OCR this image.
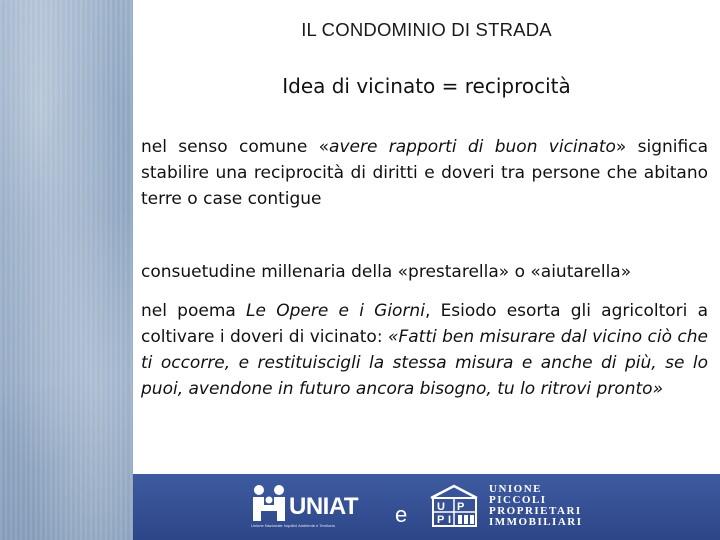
IL CONDOMINIO DI STRADA
Idea di vicinato = reciprocità
nel senso comune «avere rapporti di buon vicinato» significa stabilire una reciprocità di diritti e doveri tra persone che abitano terre o case contigue
consuetudine millenaria della «prestarella» o «aiutarella»
nel poema Le Opere e i Giorni, Esiodo esorta gli agricoltori a coltivare i doveri di vicinato: «Fatti ben misurare dal vicino ciò che ti occorre, e restituiscigli la stessa misura e anche di più, se lo puoi, avendone in futuro ancora bisogno, tu lo ritrovi pronto»
UNIAT
Unione Nazionale Inquilini Ambiente e Territorio	e	U P
P I
UNIONE
PICCOLI
PROPRIETARI
IMMOBILIARI
